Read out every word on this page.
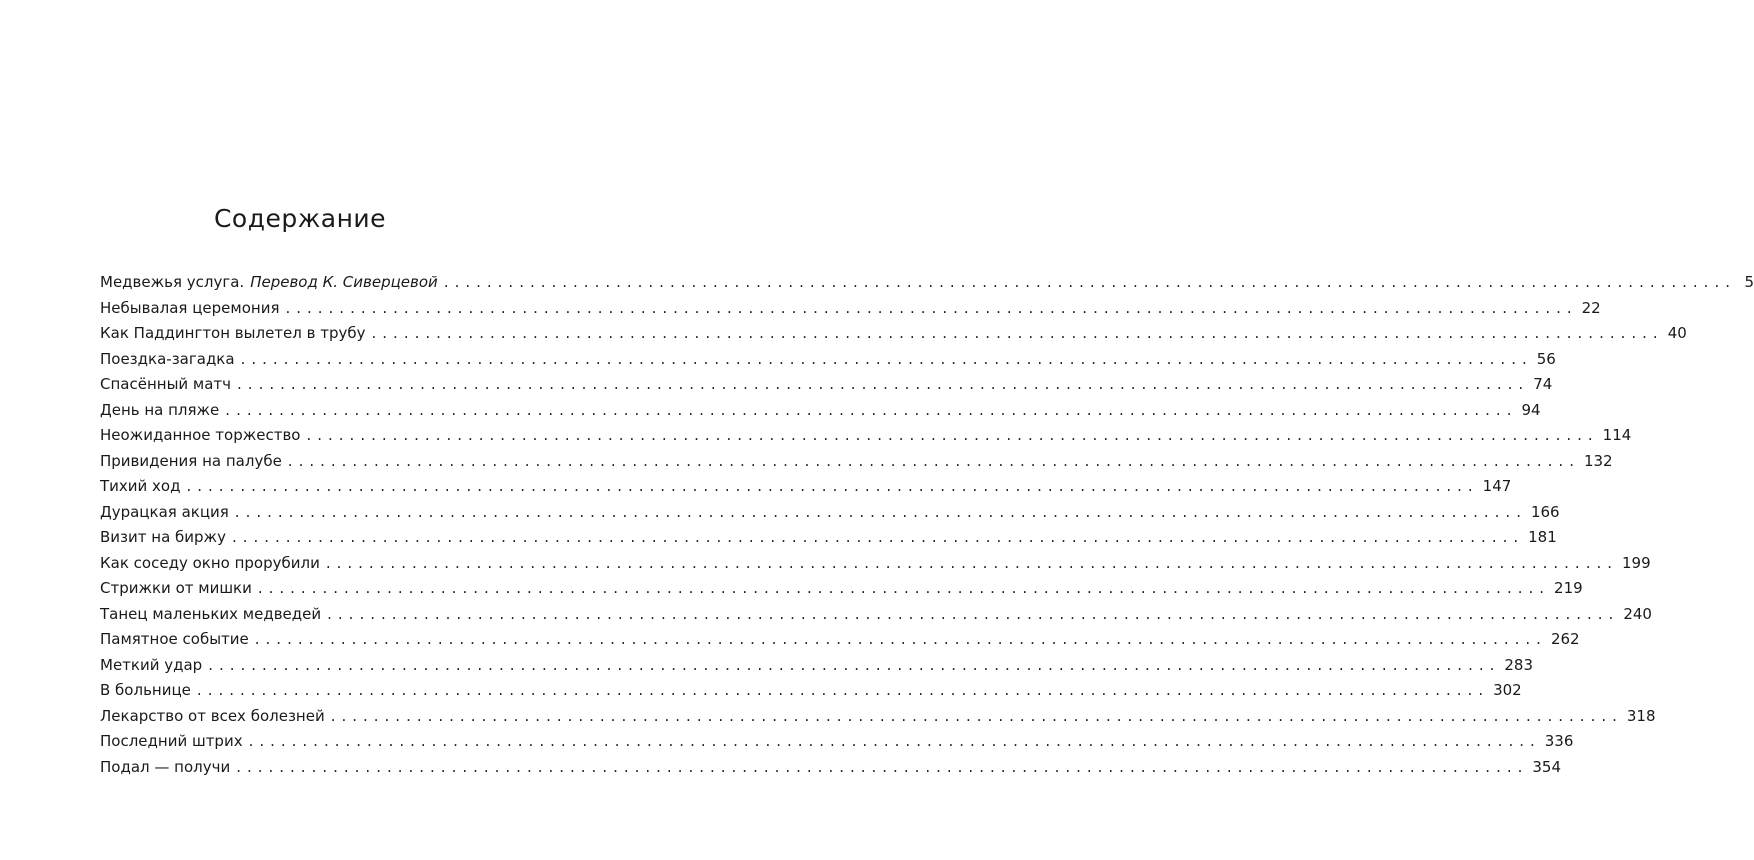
Содержание
Медвежья услуга. Перевод К. Сиверцевой ........................................................................................................................ 5
Небывалая церемония ........................................................................................................................ 22
Как Паддингтон вылетел в трубу ........................................................................................................................ 40
Поездка-загадка ........................................................................................................................ 56
Спасённый матч ........................................................................................................................ 74
День на пляже ........................................................................................................................ 94
Неожиданное торжество ........................................................................................................................ 114
Привидения на палубе ........................................................................................................................ 132
Тихий ход ........................................................................................................................ 147
Дурацкая акция ........................................................................................................................ 166
Визит на биржу ........................................................................................................................ 181
Как соседу окно прорубили ........................................................................................................................ 199
Стрижки от мишки ........................................................................................................................ 219
Танец маленьких медведей ........................................................................................................................ 240
Памятное событие ........................................................................................................................ 262
Меткий удар ........................................................................................................................ 283
В больнице ........................................................................................................................ 302
Лекарство от всех болезней ........................................................................................................................ 318
Последний штрих ........................................................................................................................ 336
Подал — получи ........................................................................................................................ 354
